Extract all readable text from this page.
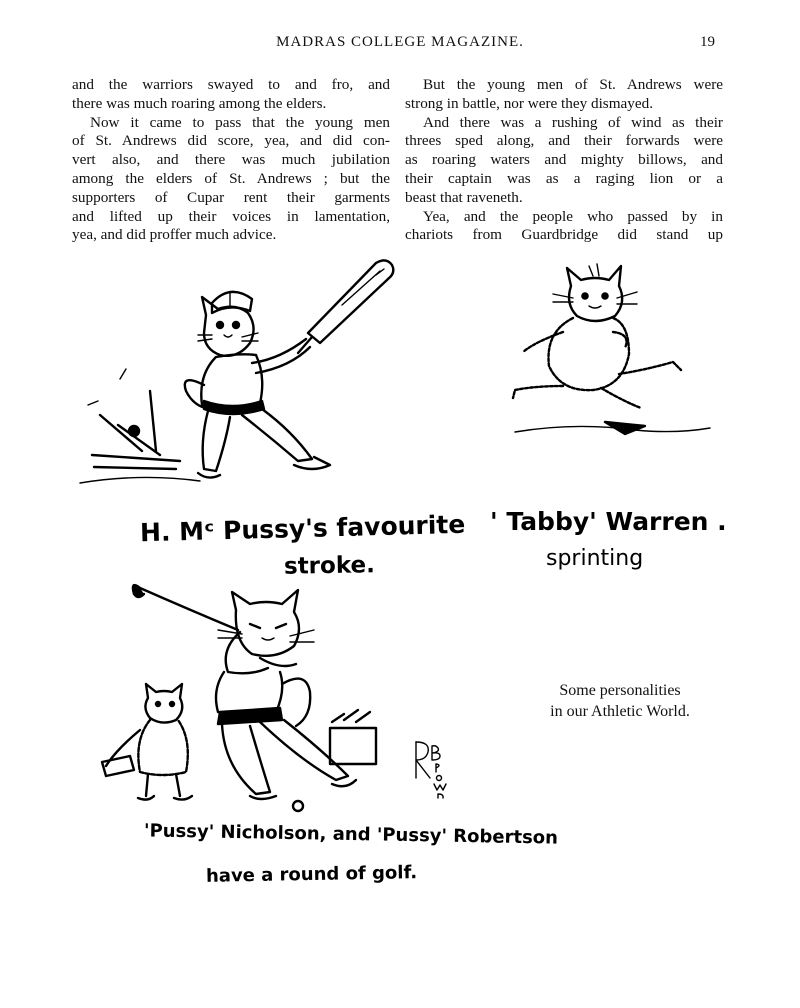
MADRAS COLLEGE MAGAZINE.	19
and the warriors swayed to and fro, and
there was much roaring among the elders.
Now it came to pass that the young men
of St. Andrews did score, yea, and did con-
vert also, and there was much jubilation
among the elders of St. Andrews ; but the
supporters of Cupar rent their garments
and lifted up their voices in lamentation,
yea, and did proffer much advice.
But the young men of St. Andrews were
strong in battle, nor were they dismayed.
And there was a rushing of wind as their
threes sped along, and their forwards were
as roaring waters and mighty billows, and
their captain was as a raging lion or a
beast that raveneth.
Yea, and the people who passed by in
chariots from Guardbridge did stand up
H. Mᶜ Pussy's favourite
stroke.
' Tabby' Warren .
sprinting
'Pussy' Nicholson, and 'Pussy' Robertson
have a round of golf.
Some personalities
in our Athletic World.
